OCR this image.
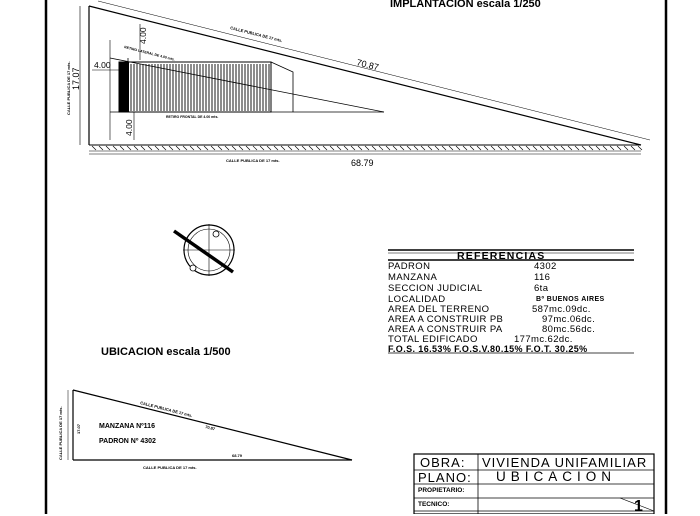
IMPLANTACION escala 1/250
CALLE PUBLICA DE 17 mts.
CALLE PUBLICA DE 17 mts.
CALLE PUBLICA DE 17 mts.
70.87
68.79
17.07
4.00
4.00
4.00
RETIRO FRONTAL DE 4.00 mts.
RETIRO LATERAL DE 4.00 mts.
UBICACION escala 1/500
CALLE PUBLICA DE 17 mts.
CALLE PUBLICA DE 17 mts.
CALLE PUBLICA DE 17 mts.
70.87
68.79
17.07	MANZANA Nº116
PADRON Nº 4302
REFERENCIAS
PADRON	4302
MANZANA	116
SECCION JUDICIAL	6ta
LOCALIDAD	Bº BUENOS AIRES
AREA DEL TERRENO	587mc.09dc.
AREA A CONSTRUIR PB	97mc.06dc.
AREA A CONSTRUIR PA	80mc.56dc.
TOTAL EDIFICADO	177mc.62dc.
F.O.S. 16.53% F.O.S.V.80.15% F.O.T. 30.25%
OBRA: VIVIENDA UNIFAMILIAR
PLANO: UBICACION
PROPIETARIO:
TECNICO:	1
